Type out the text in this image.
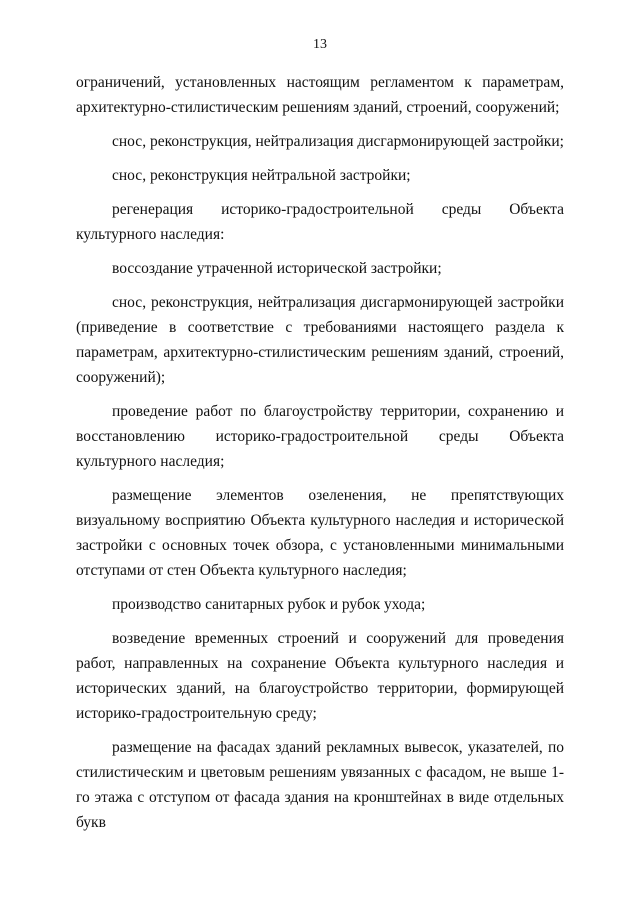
13

ограничений, установленных настоящим регламентом к параметрам, архитектурно-стилистическим решениям зданий, строений, сооружений;

снос, реконструкция, нейтрализация дисгармонирующей застройки;

снос, реконструкция нейтральной застройки;

регенерация историко-градостроительной среды Объекта культурного наследия:

воссоздание утраченной исторической застройки;

снос, реконструкция, нейтрализация дисгармонирующей застройки (приведение в соответствие с требованиями настоящего раздела к параметрам, архитектурно-стилистическим решениям зданий, строений, сооружений);

проведение работ по благоустройству территории, сохранению и восстановлению историко-градостроительной среды Объекта культурного наследия;

размещение элементов озеленения, не препятствующих визуальному восприятию Объекта культурного наследия и исторической застройки с основных точек обзора, с установленными минимальными отступами от стен Объекта культурного наследия;

производство санитарных рубок и рубок ухода;

возведение временных строений и сооружений для проведения работ, направленных на сохранение Объекта культурного наследия и исторических зданий, на благоустройство территории, формирующей историко-градостроительную среду;

размещение на фасадах зданий рекламных вывесок, указателей, по стилистическим и цветовым решениям увязанных с фасадом, не выше 1-го этажа с отступом от фасада здания на кронштейнах в виде отдельных букв
